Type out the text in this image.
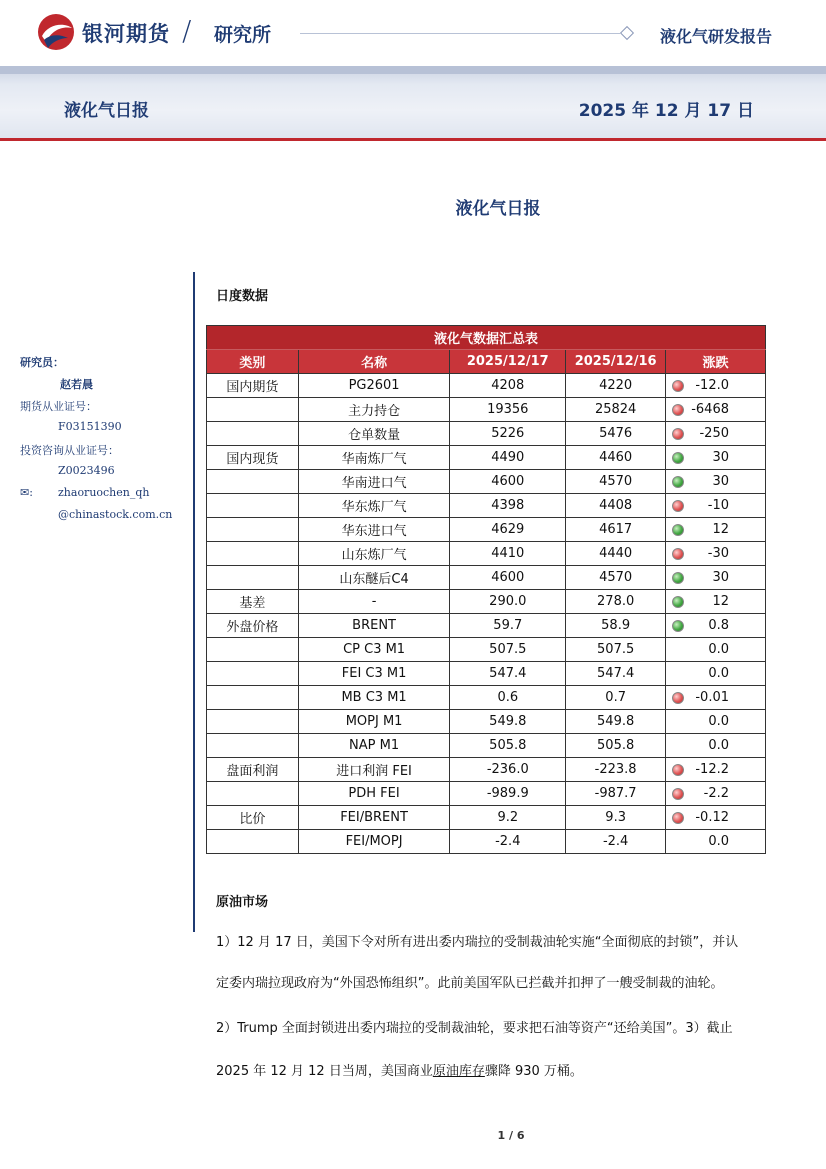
银河期货 / 研究所	液化气研发报告
液化气日报	2025 年 12 月 17 日
液化气日报
研究员：
赵若晨
期货从业证号：
F03151390
投资咨询从业证号：
Z0023496
✉: zhaoruochen_qh
@chinastock.com.cn
日度数据
液化气数据汇总表				
类别	名称	2025/12/17	2025/12/16	涨跌
国内期货	PG2601	4208	4220	-12.0
	主力持仓	19356	25824	-6468
	仓单数量	5226	5476	-250
国内现货	华南炼厂气	4490	4460	30
	华南进口气	4600	4570	30
	华东炼厂气	4398	4408	-10
	华东进口气	4629	4617	12
	山东炼厂气	4410	4440	-30
	山东醚后C4	4600	4570	30
基差	-	290.0	278.0	12
外盘价格	BRENT	59.7	58.9	0.8
	CP C3 M1	507.5	507.5	0.0
	FEI C3 M1	547.4	547.4	0.0
	MB C3 M1	0.6	0.7	-0.01
	MOPJ M1	549.8	549.8	0.0
	NAP M1	505.8	505.8	0.0
盘面利润	进口利润 FEI	-236.0	-223.8	-12.2
	PDH FEI	-989.9	-987.7	-2.2
比价	FEI/BRENT	9.2	9.3	-0.12
	FEI/MOPJ	-2.4	-2.4	0.0
原油市场
1）12 月 17 日，美国下令对所有进出委内瑞拉的受制裁油轮实施“全面彻底的封锁”，并认
定委内瑞拉现政府为“外国恐怖组织”。此前美国军队已拦截并扣押了一艘受制裁的油轮。
2）Trump 全面封锁进出委内瑞拉的受制裁油轮，要求把石油等资产“还给美国”。3）截止
2025 年 12 月 12 日当周，美国商业原油库存骤降 930 万桶。
1 / 6
